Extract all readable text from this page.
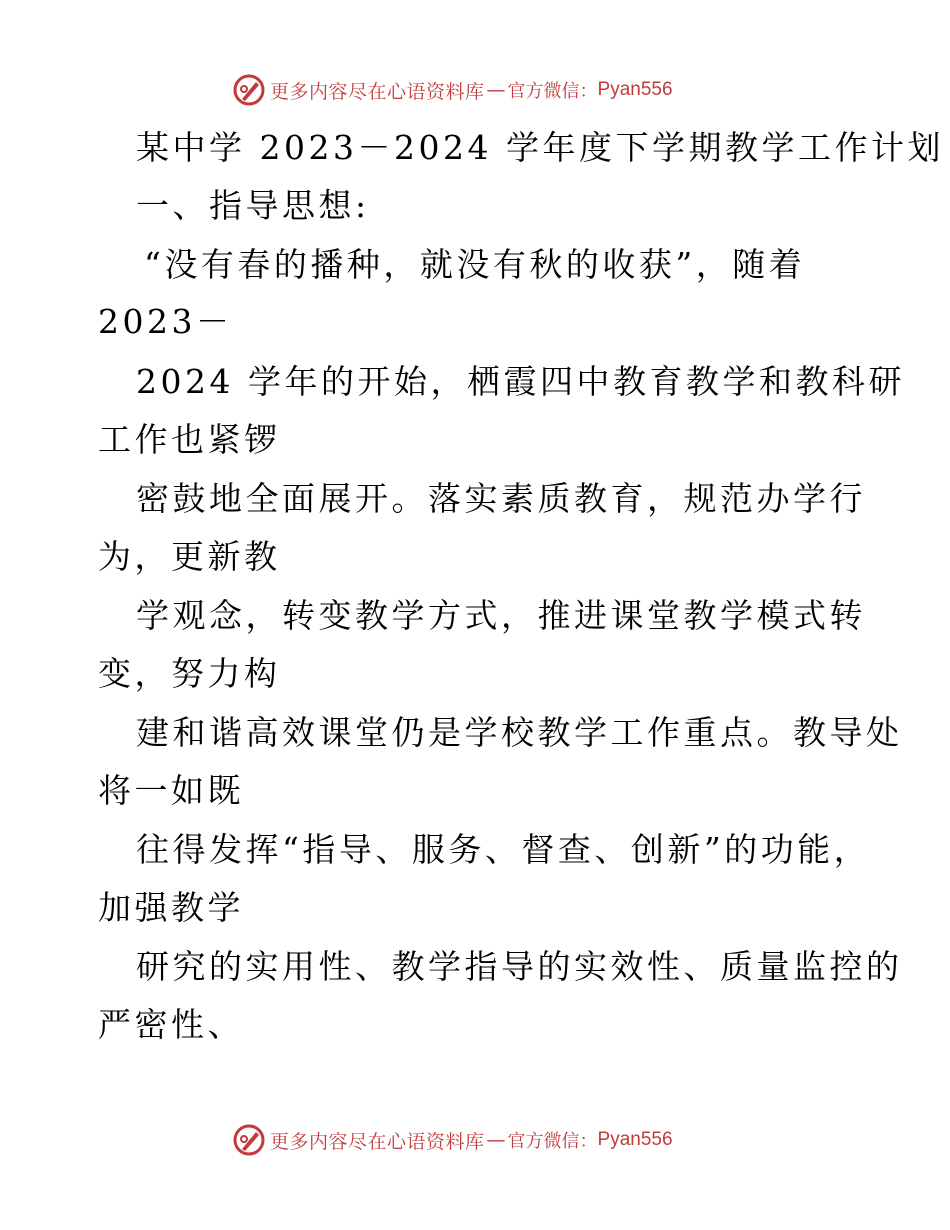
更多内容尽在心语资料库 — 官方微信： Pyan556
某中学 2023－2024 学年度下学期教学工作计划
一、指导思想:
“没有春的播种，就没有秋的收获”，随着
2023－
2024 学年的开始，栖霞四中教育教学和教科研
工作也紧锣
密鼓地全面展开。落实素质教育，规范办学行
为，更新教
学观念，转变教学方式，推进课堂教学模式转
变，努力构
建和谐高效课堂仍是学校教学工作重点。教导处
将一如既
往得发挥“指导、服务、督查、创新”的功能，
加强教学
研究的实用性、教学指导的实效性、质量监控的
严密性、
更多内容尽在心语资料库 — 官方微信： Pyan556
